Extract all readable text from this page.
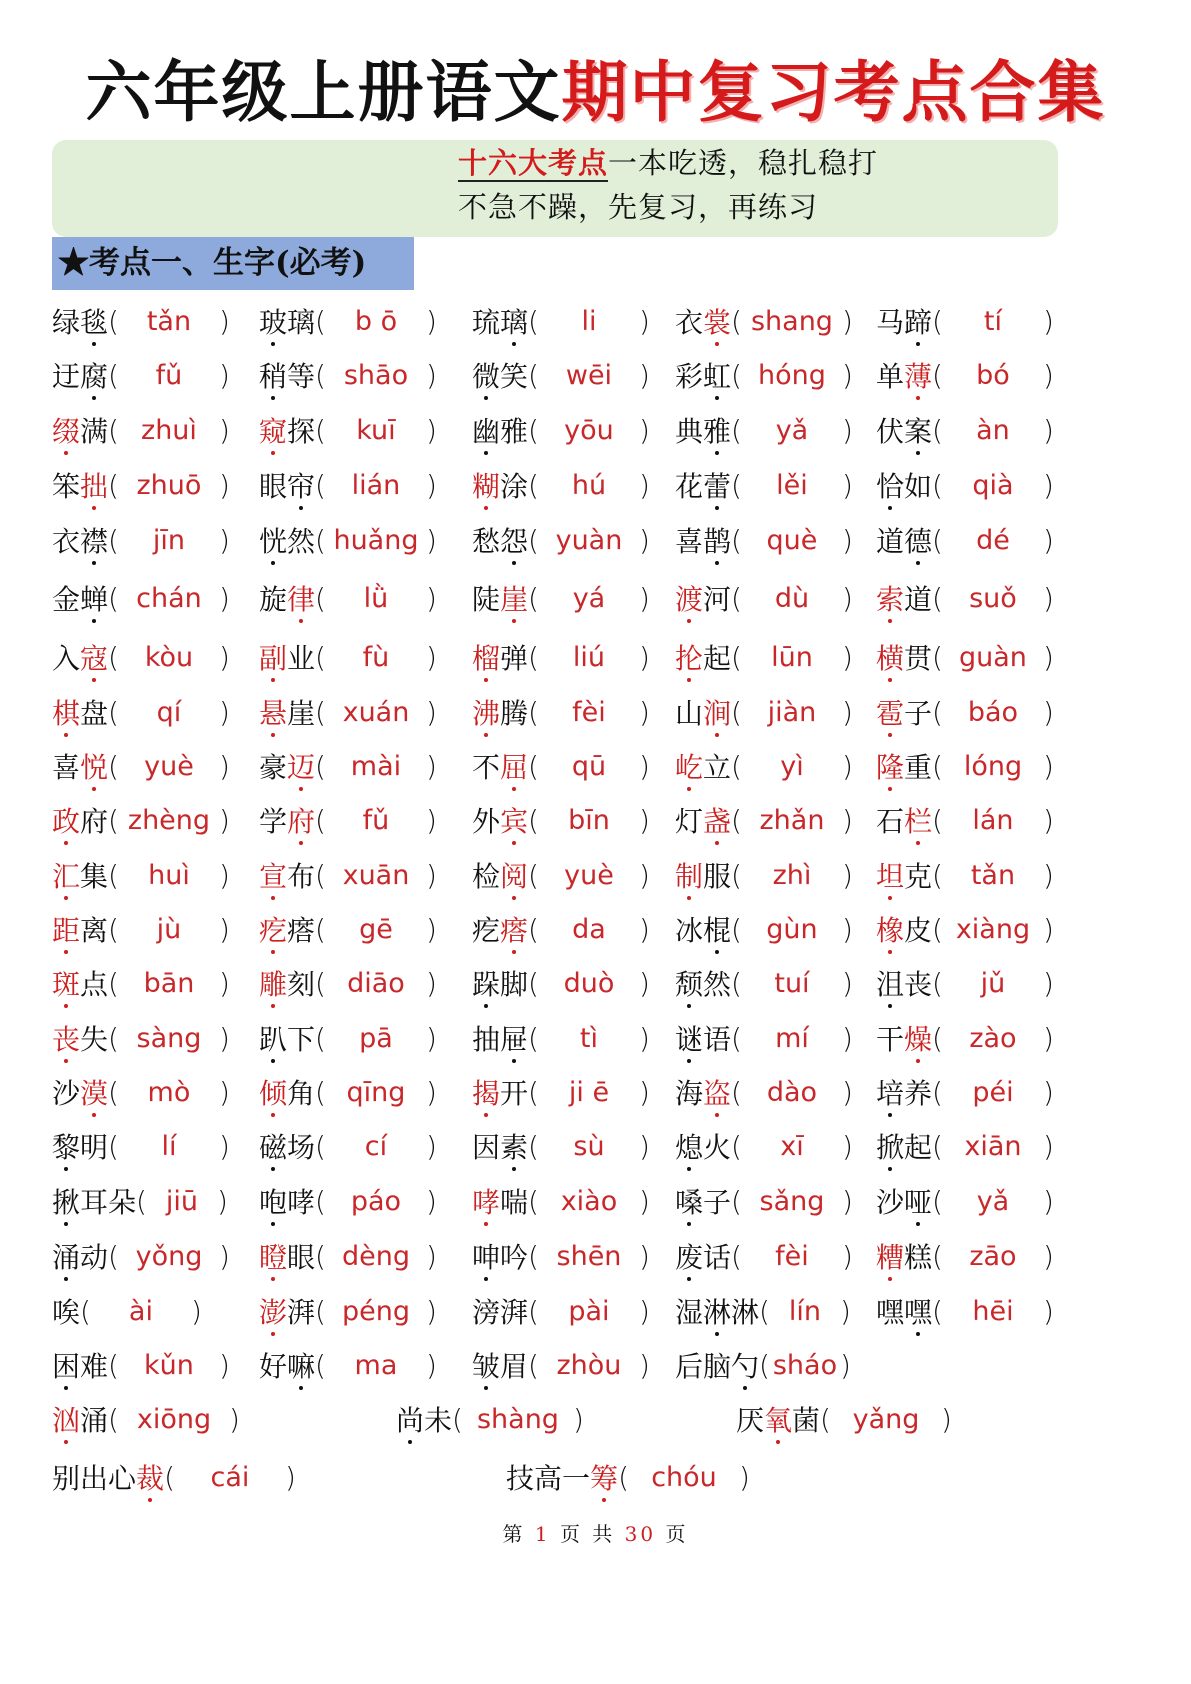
六年级上册语文期中复习考点合集
十六大考点一本吃透，稳扎稳打
不急不躁，先复习，再练习
★考点一、生字(必考)
绿 毯 (	tǎn ) 玻 璃 (	b ō	) 琉 璃 (	li	) 衣 裳 ( shang ) 马 蹄 (	tí	)
迂 腐 (	fǔ	) 稍 等 ( shāo ) 微 笑 ( wēi ) 彩 虹 ( hóng ) 单 薄 (	bó	)
缀 满 ( zhuì ) 窥 探 (	kuī	) 幽 雅 ( yōu ) 典 雅 (	yǎ	) 伏 案 (	àn	)
笨 拙 ( zhuō ) 眼 帘 ( lián ) 糊 涂 (	hú	) 花 蕾 (	lěi	) 恰 如 (	qià	)
衣 襟 (	jīn	) 恍 然 ( huǎng ) 愁 怨 ( yuàn ) 喜 鹊 ( què ) 道 德 (	dé	)
金 蝉 ( chán ) 旋 律 (	lǜ	) 陡 崖 (	yá	) 渡 河 (	dù	) 索 道 ( suǒ )
入 寇 ( kòu ) 副 业 (	fù	) 榴 弹 (	liú	) 抡 起 (	lūn	) 横 贯 ( guàn )
棋 盘 (	qí	) 悬 崖 ( xuán ) 沸 腾 (	fèi	) 山 涧 ( jiàn ) 雹 子 ( báo )
喜 悦 ( yuè ) 豪 迈 ( mài ) 不 屈 (	qū	) 屹 立 (	yì	) 隆 重 ( lóng )
政 府 ( zhèng ) 学 府 (	fǔ	) 外 宾 (	bīn	) 灯 盏 ( zhǎn ) 石 栏 (	lán	)
汇 集 (	huì	) 宣 布 ( xuān ) 检 阅 ( yuè ) 制 服 (	zhì	) 坦 克 (	tǎn )
距 离 (	jù	) 疙 瘩 (	gē	) 疙 瘩 (	da	) 冰 棍 ( gùn ) 橡 皮 ( xiàng )
斑 点 ( bān ) 雕 刻 ( diāo ) 跺 脚 ( duò ) 颓 然 (	tuí	) 沮 丧 (	jǔ	)
丧 失 ( sàng ) 趴 下 (	pā	) 抽 屉 (	tì	) 谜 语 (	mí	) 干 燥 ( zào )
沙 漠 (	mò	) 倾 角 ( qīng ) 揭 开 (	ji ē	) 海 盗 ( dào ) 培 养 (	péi	)
黎 明 (	lí	) 磁 场 (	cí	) 因 素 (	sù	) 熄 火 (	xī	) 掀 起 ( xiān )
揪 耳 朵 ( jiū ) 咆 哮 ( páo ) 哮 喘 ( xiào ) 嗓 子 ( sǎng ) 沙 哑 (	yǎ	)
涌 动 ( yǒng ) 瞪 眼 ( dèng ) 呻 吟 ( shēn ) 废 话 (	fèi	) 糟 糕 ( zāo )
唉 (	ài	) 澎 湃 ( péng ) 滂 湃 (	pài	) 湿 淋 淋 ( lín ) 嘿 嘿 (	hēi	)
困 难 ( kǔn ) 好 嘛 (	ma	) 皱 眉 ( zhòu ) 后 脑 勺 ( sháo )
汹 涌 ( xiōng )	尚 未 ( shàng )	厌 氧 菌 ( yǎng )
别 出 心 裁 (	cái	)	技 高 一 筹 ( chóu )
第 1 页 共 30 页
